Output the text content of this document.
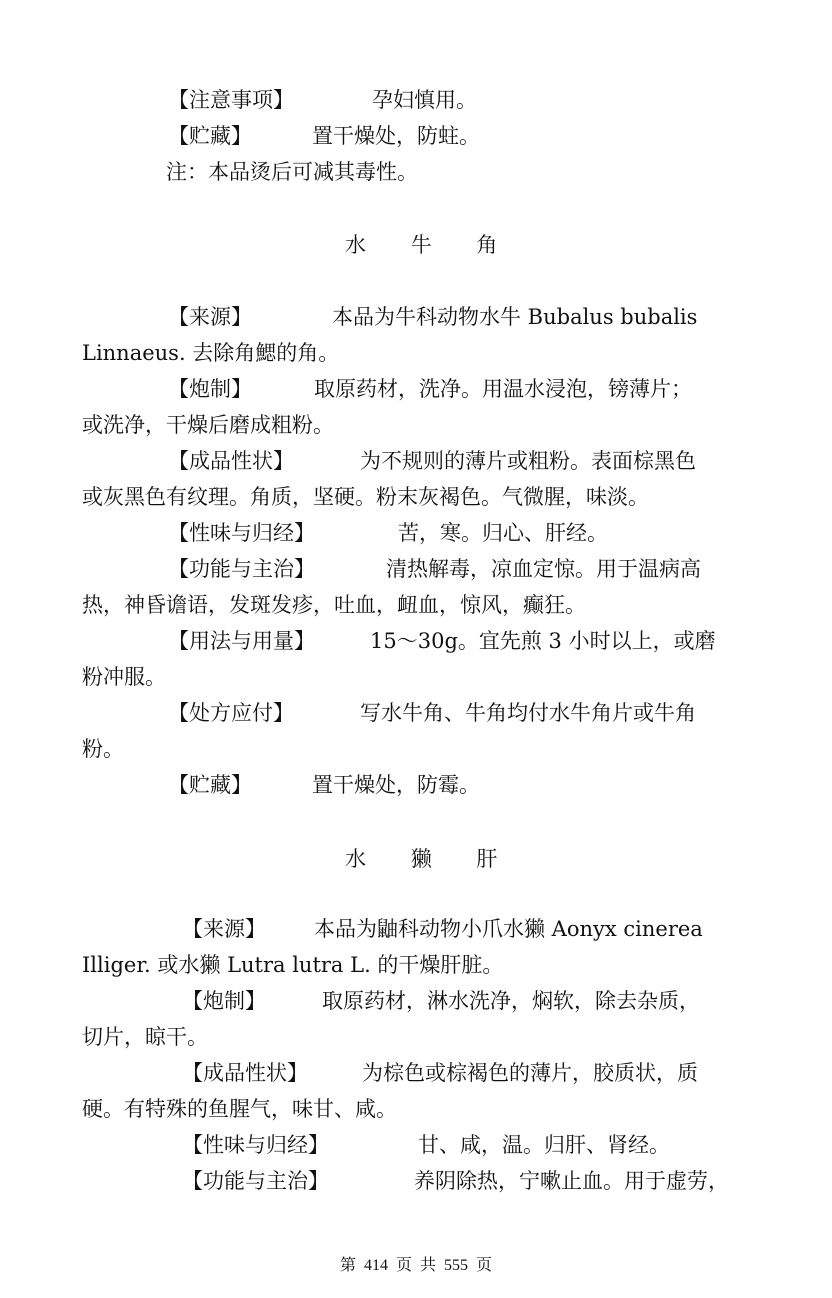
【注意事项】	孕妇慎用。
【贮藏】	置干燥处，防蛀。
注：本品烫后可减其毒性。
水 牛 角
【来源】	本品为牛科动物水牛 Bubalus bubalis
Linnaeus. 去除角鰓的角。
【炮制】	取原药材，洗净。用温水浸泡，镑薄片；
或洗净，干燥后磨成粗粉。
【成品性状】	为不规则的薄片或粗粉。表面棕黑色
或灰黑色有纹理。角质，坚硬。粉末灰褐色。气微腥，味淡。
【性味与归经】	苦，寒。归心、肝经。
【功能与主治】	清热解毒，凉血定惊。用于温病高
热，神昏谵语，发斑发疹，吐血，衄血，惊风，癫狂。
【用法与用量】	15～30g。宜先煎 3 小时以上，或磨
粉冲服。
【处方应付】	写水牛角、牛角均付水牛角片或牛角
粉。
【贮藏】	置干燥处，防霉。
水 獭 肝
【来源】 本品为鼬科动物小爪水獭 Aonyx cinerea
Illiger. 或水獭 Lutra lutra L. 的干燥肝脏。
【炮制】	取原药材，淋水洗净，焖软，除去杂质，
切片，晾干。
【成品性状】	为棕色或棕褐色的薄片，胶质状，质
硬。有特殊的鱼腥气，味甘、咸。
【性味与归经】	甘、咸，温。归肝、肾经。
【功能与主治】	养阴除热，宁嗽止血。用于虚劳，
第 414 页 共 555 页
